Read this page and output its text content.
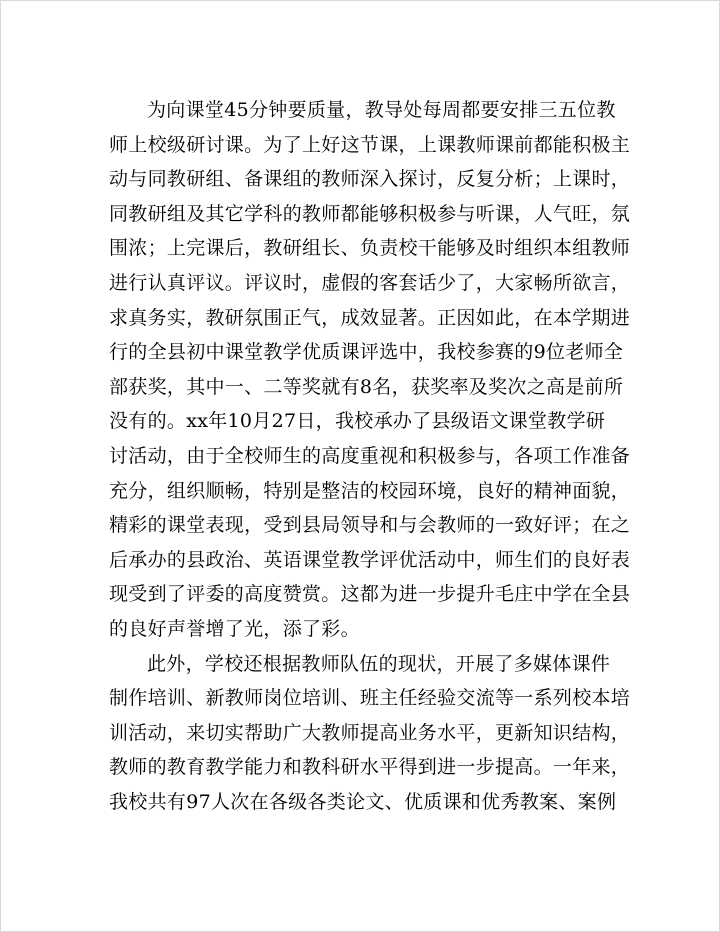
为向课堂45分钟要质量，教导处每周都要安排三五位教
师上校级研讨课。为了上好这节课，上课教师课前都能积极主
动与同教研组、备课组的教师深入探讨，反复分析；上课时，
同教研组及其它学科的教师都能够积极参与听课，人气旺，氛
围浓；上完课后，教研组长、负责校干能够及时组织本组教师
进行认真评议。评议时，虚假的客套话少了，大家畅所欲言，
求真务实，教研氛围正气，成效显著。正因如此，在本学期进
行的全县初中课堂教学优质课评选中，我校参赛的9位老师全
部获奖，其中一、二等奖就有8名，获奖率及奖次之高是前所
没有的。xx年10月27日，我校承办了县级语文课堂教学研
讨活动，由于全校师生的高度重视和积极参与，各项工作准备
充分，组织顺畅，特别是整洁的校园环境，良好的精神面貌，
精彩的课堂表现，受到县局领导和与会教师的一致好评；在之
后承办的县政治、英语课堂教学评优活动中，师生们的良好表
现受到了评委的高度赞赏。这都为进一步提升毛庄中学在全县
的良好声誉增了光，添了彩。
此外，学校还根据教师队伍的现状，开展了多媒体课件
制作培训、新教师岗位培训、班主任经验交流等一系列校本培
训活动，来切实帮助广大教师提高业务水平，更新知识结构，
教师的教育教学能力和教科研水平得到进一步提高。一年来，
我校共有97人次在各级各类论文、优质课和优秀教案、案例
